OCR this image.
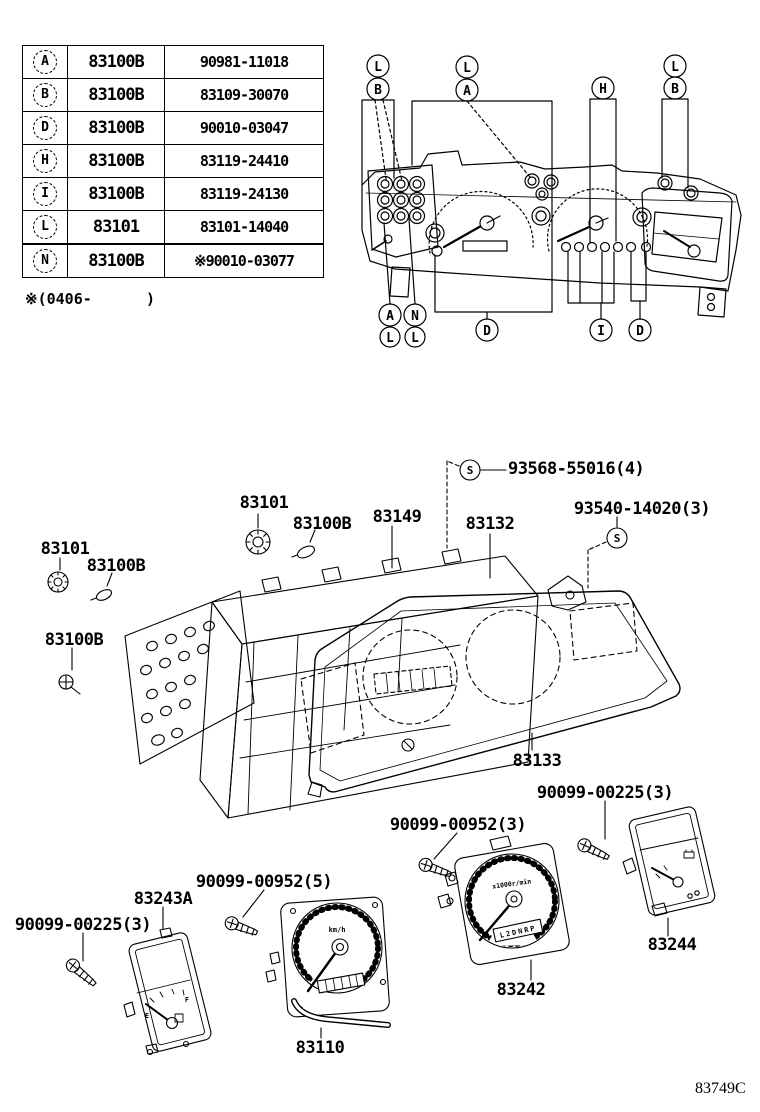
A	83100B	90981-11018
B	83100B	83109-30070
D	83100B	90010-03047
H	83100B	83119-24410
I	83100B	83119-24130
L	83101	83101-14040
N	83100B	※90010-03077
※(0406-      )
L
B
L
A	H
L
B
A
L
N
L	D	I D
S
S
km/h
x1000r/min
L2DNRP
F
E
83101
83100B
83100B
83101
83100B 83149	83132
93568-55016(4)
93540-14020(3)
83133
90099-00225(3)
83243A
90099-00952(5)
83110
90099-00952(3)
83242
90099-00225(3)
83244
83749C
